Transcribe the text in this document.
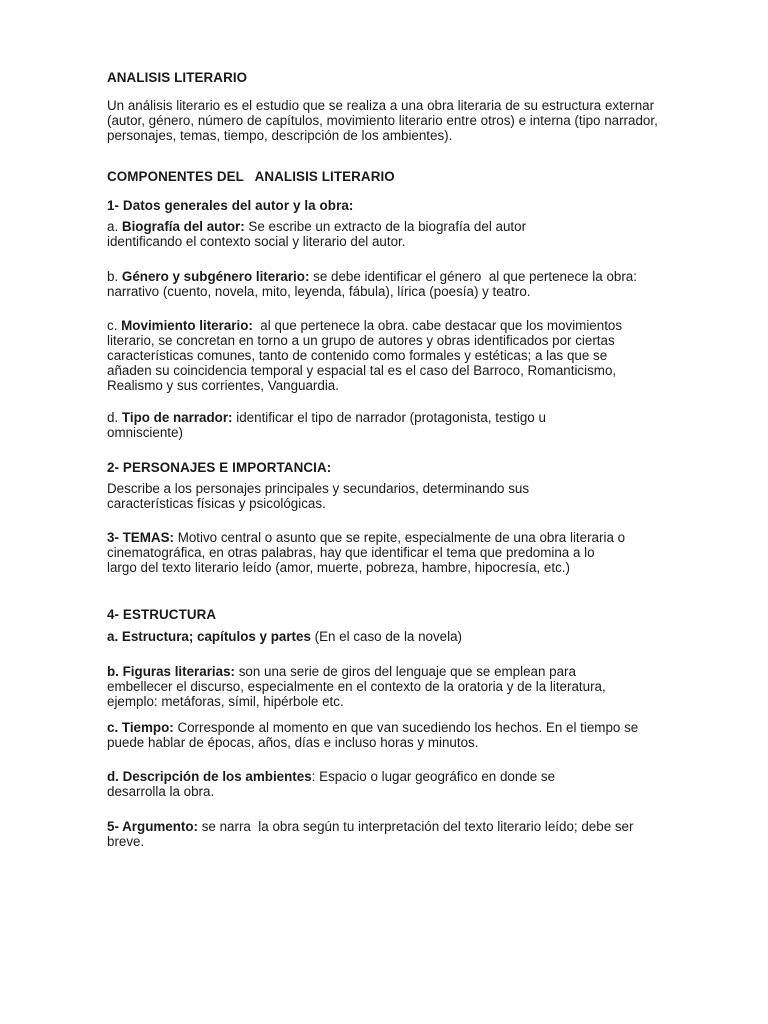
ANALISIS LITERARIO

Un análisis literario es el estudio que se realiza a una obra literaria de su estructura externar (autor, género, número de capítulos, movimiento literario entre otros) e interna (tipo narrador, personajes, temas, tiempo, descripción de los ambientes).

COMPONENTES DEL   ANALISIS LITERARIO

1- Datos generales del autor y la obra:

a. Biografía del autor: Se escribe un extracto de la biografía del autor identificando el contexto social y literario del autor.

b. Género y subgénero literario: se debe identificar el género  al que pertenece la obra: narrativo (cuento, novela, mito, leyenda, fábula), lírica (poesía) y teatro.

c. Movimiento literario:  al que pertenece la obra. cabe destacar que los movimientos literario, se concretan en torno a un grupo de autores y obras identificados por ciertas características comunes, tanto de contenido como formales y estéticas; a las que se añaden su coincidencia temporal y espacial tal es el caso del Barroco, Romanticismo, Realismo y sus corrientes, Vanguardia.

d. Tipo de narrador: identificar el tipo de narrador (protagonista, testigo u omnisciente)

2- PERSONAJES E IMPORTANCIA:

Describe a los personajes principales y secundarios, determinando sus características físicas y psicológicas.

3- TEMAS: Motivo central o asunto que se repite, especialmente de una obra literaria o cinematográfica, en otras palabras, hay que identificar el tema que predomina a lo largo del texto literario leído (amor, muerte, pobreza, hambre, hipocresía, etc.)

4- ESTRUCTURA

a. Estructura; capítulos y partes (En el caso de la novela)

b. Figuras literarias: son una serie de giros del lenguaje que se emplean para embellecer el discurso, especialmente en el contexto de la oratoria y de la literatura, ejemplo: metáforas, símil, hipérbole etc.

c. Tiempo: Corresponde al momento en que van sucediendo los hechos. En el tiempo se puede hablar de épocas, años, días e incluso horas y minutos.

d. Descripción de los ambientes: Espacio o lugar geográfico en donde se desarrolla la obra.

5- Argumento: se narra  la obra según tu interpretación del texto literario leído; debe ser breve.
